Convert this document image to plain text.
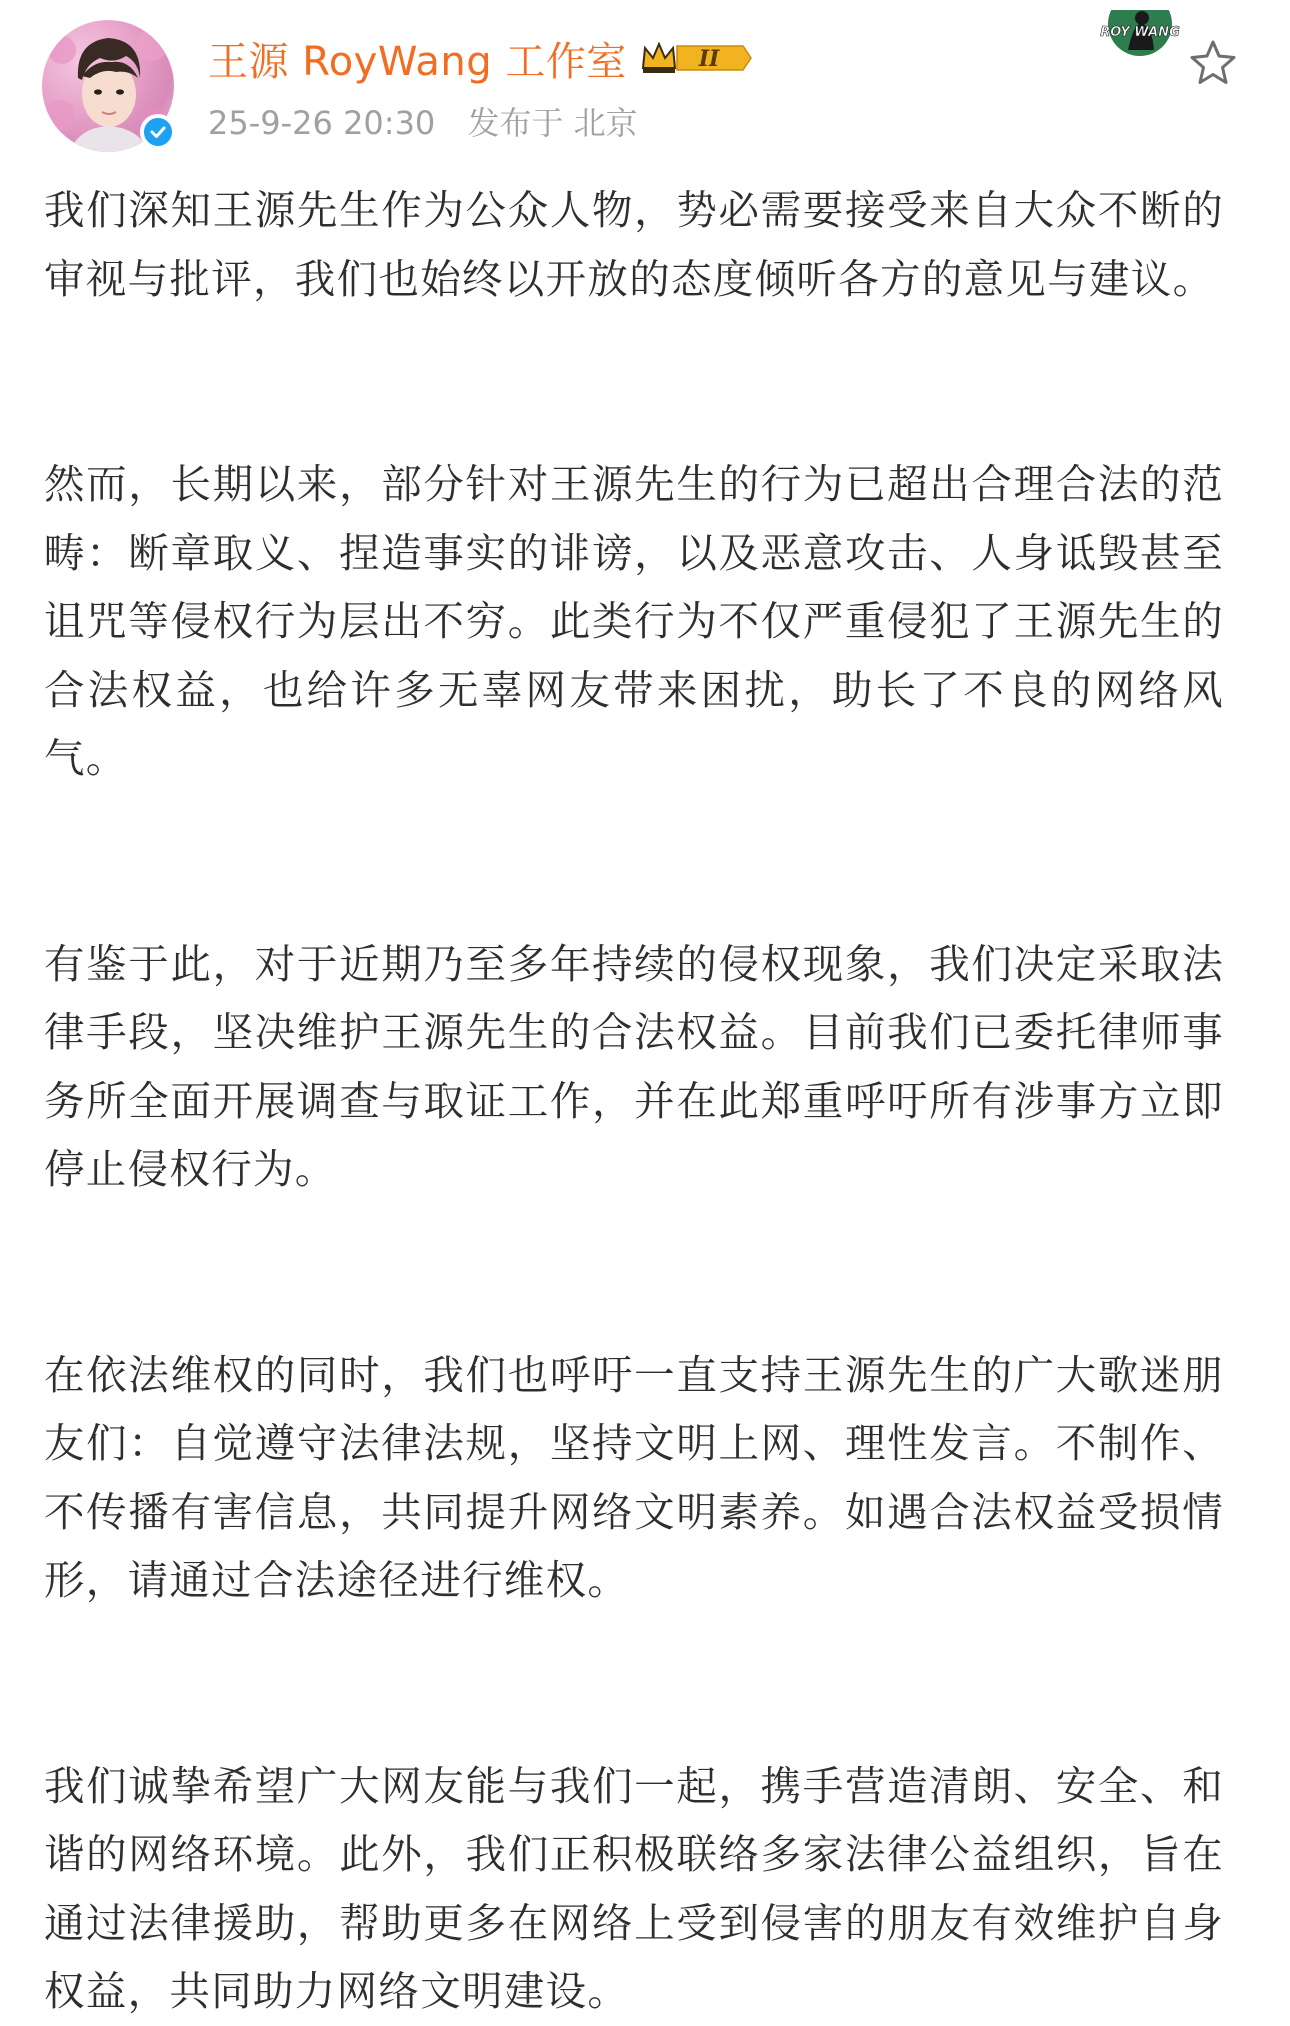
王源 RoyWang 工作室	II
25-9-26 20:30 发布于 北京
ROY WANG

我们深知王源先生作为公众人物，势必需要接受来自大众不断的审视与批评，我们也始终以开放的态度倾听各方的意见与建议。

然而，长期以来，部分针对王源先生的行为已超出合理合法的范畴：断章取义、捏造事实的诽谤，以及恶意攻击、人身诋毁甚至诅咒等侵权行为层出不穷。此类行为不仅严重侵犯了王源先生的合法权益，也给许多无辜网友带来困扰，助长了不良的网络风气。

有鉴于此，对于近期乃至多年持续的侵权现象，我们决定采取法律手段，坚决维护王源先生的合法权益。目前我们已委托律师事务所全面开展调查与取证工作，并在此郑重呼吁所有涉事方立即停止侵权行为。

在依法维权的同时，我们也呼吁一直支持王源先生的广大歌迷朋友们：自觉遵守法律法规，坚持文明上网、理性发言。不制作、不传播有害信息，共同提升网络文明素养。如遇合法权益受损情形，请通过合法途径进行维权。

我们诚挚希望广大网友能与我们一起，携手营造清朗、安全、和谐的网络环境。此外，我们正积极联络多家法律公益组织，旨在通过法律援助，帮助更多在网络上受到侵害的朋友有效维护自身权益，共同助力网络文明建设。
